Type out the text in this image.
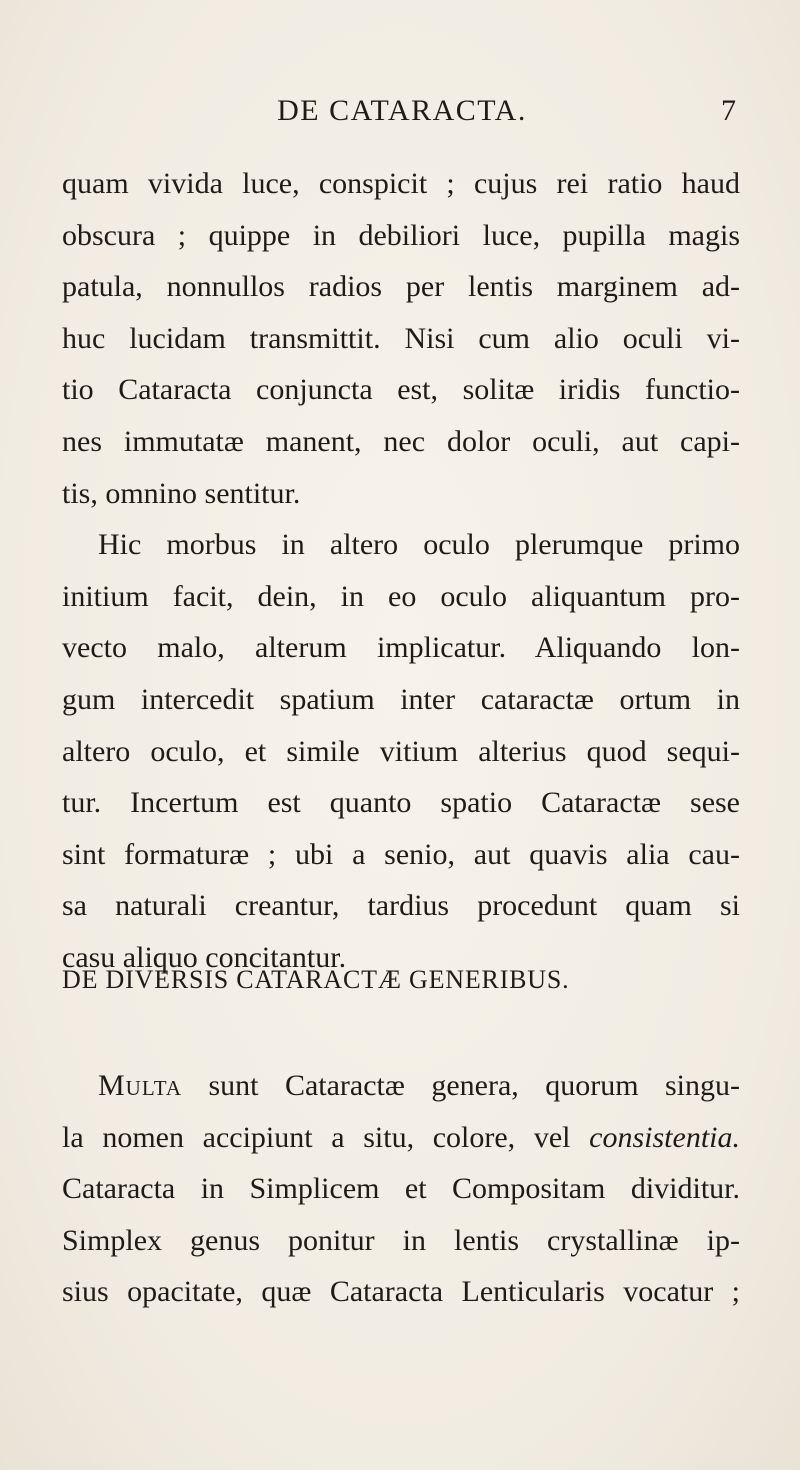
DE CATARACTA.	7
quam vivida luce, conspicit ; cujus rei ratio haud
obscura ; quippe in debiliori luce, pupilla magis
patula, nonnullos radios per lentis marginem ad-
huc lucidam transmittit. Nisi cum alio oculi vi-
tio Cataracta conjuncta est, solitæ iridis functio-
nes immutatæ manent, nec dolor oculi, aut capi-
tis, omnino sentitur.
Hic morbus in altero oculo plerumque primo
initium facit, dein, in eo oculo aliquantum pro-
vecto malo, alterum implicatur. Aliquando lon-
gum intercedit spatium inter cataractæ ortum in
altero oculo, et simile vitium alterius quod sequi-
tur. Incertum est quanto spatio Cataractæ sese
sint formaturæ ; ubi a senio, aut quavis alia cau-
sa naturali creantur, tardius procedunt quam si
casu aliquo concitantur.
DE DIVERSIS CATARACTÆ GENERIBUS.
Multa sunt Cataractæ genera, quorum singu-
la nomen accipiunt a situ, colore, vel consistentia.
Cataracta in Simplicem et Compositam dividitur.
Simplex genus ponitur in lentis crystallinæ ip-
sius opacitate, quæ Cataracta Lenticularis vocatur ;
